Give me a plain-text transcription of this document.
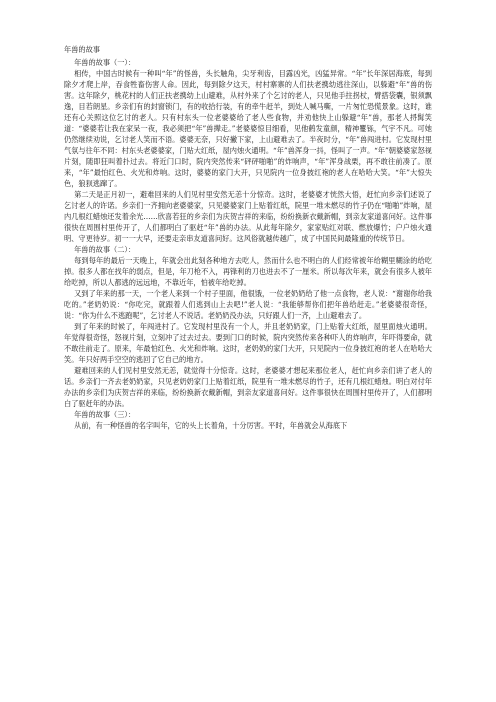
年兽的故事

年兽的故事（一）：

相传，中国古时候有一种叫“年”的怪兽，头长触角，尖牙利齿，目露凶光，凶猛异常。“年”长年深居海底，每到除夕才爬上岸，吞食牲畜伤害人命。因此，每到除夕这天，村村寨寨的人们扶老携幼逃往深山，以躲避“年”兽的伤害。这年除夕，桃花村的人们正扶老携幼上山避难，从村外来了个乞讨的老人，只见他手拄拐杖，臂搭袋囊，银须飘逸，目若朗星。乡亲们有的封窗锁门，有的收拾行装，有的牵牛赶羊，到处人喊马嘶，一片匆忙恐慌景象。这时，谁还有心关照这位乞讨的老人。只有村东头一位老婆婆给了老人些食物，并劝他快上山躲避“年”兽，那老人捋髯笑道：“婆婆若让我在家呆一夜，我必须把“年”兽撵走。”老婆婆惊目细看，见他鹤发童颜，精神矍铄，气宇不凡。可她仍然继续劝说，乞讨老人笑而不语。婆婆无奈，只好撇下家，上山避难去了。半夜时分，“年”兽闯进村。它发现村里气氛与往年不同：村东头老婆婆家，门贴大红纸，屋内烛火通明。“年”兽浑身一抖，怪叫了一声。“年”朝婆婆家怒视片刻，随即狂叫着扑过去。将近门口时，院内突然传来“砰砰啪啪”的炸响声，“年”浑身战栗，再不敢往前凑了。原来，“年”最怕红色、火光和炸响。这时，婆婆的家门大开，只见院内一位身披红袍的老人在哈哈大笑。“年”大惊失色，狼狈逃蹿了。

第二天是正月初一，避难回来的人们见村里安然无恙十分惊奇。这时，老婆婆才恍然大悟，赶忙向乡亲们述说了乞讨老人的许诺。乡亲们一齐拥向老婆婆家，只见婆婆家门上贴着红纸，院里一堆未燃尽的竹子仍在“啪啪”炸响，屋内几根红蜡烛还发着余光……欣喜若狂的乡亲们为庆贺吉祥的来临，纷纷换新衣戴新帽，到亲友家道喜问好。这件事很快在周围村里传开了，人们都明白了驱赶“年”兽的办法。从此每年除夕，家家贴红对联、燃放爆竹；户户烛火通明、守更待岁。初一一大早，还要走亲串友道喜问好。这风俗就越传越广，成了中国民间最隆重的传统节日。

年兽的故事（二）：

每到每年的最后一天晚上，年就会出此刻各种地方去吃人，然而什么也不明白的人们经常被年给糊里糊涂的给吃掉。很多人都在找年的弱点，但是，年刀枪不入，再锋利的刀也进去不了一厘米。所以每次年来，就会有很多人被年给吃掉，所以人都逃的远远地，不靠近年，怕被年给吃掉。

又到了年来的那一天，一个老人来到一个村子里面，他很饿，一位老奶奶给了他一点食物，老人说：“谢谢你给我吃的。”老奶奶说：“你吃完，就跟着人们逃到山上去吧!”老人说：“我能够帮你们把年兽给赶走。”老婆婆很奇怪，说：“你为什么不逃跑呢”，乞讨老人不说话。老奶奶没办法，只好跟人们一齐，上山避难去了。

到了年来的时候了，年闯进村了。它发现村里没有一个人，并且老奶奶家，门上贴着大红纸，屋里面烛火通明。年觉得很奇怪，怒视片刻，立刻冲了过去过去。要到门口的时候，院内突然传来各种吓人的炸响声，年吓得要命，就不敢往前走了。原来，年最怕红色、火光和炸响。这时，老奶奶的家门大开，只见院内一位身披红袍的老人在哈哈大笑。年只好两手空空的逃回了它自己的地方。

避难回来的人们见村里安然无恙，就觉得十分惊奇。这时，老婆婆才想起来那位老人，赶忙向乡亲们讲了老人的话。乡亲们一齐去老奶奶家，只见老奶奶家门上贴着红纸，院里有一堆未燃尽的竹子，还有几根红蜡烛。明白对付年办法的乡亲们为庆贺吉祥的来临，纷纷换新衣戴新帽，到亲友家道喜问好。这件事很快在周围村里传开了，人们都明白了驱赶年的办法。

年兽的故事（三）：

从前，有一种怪兽的名字叫年，它的头上长着角，十分厉害。平时，年兽就会从海底下
